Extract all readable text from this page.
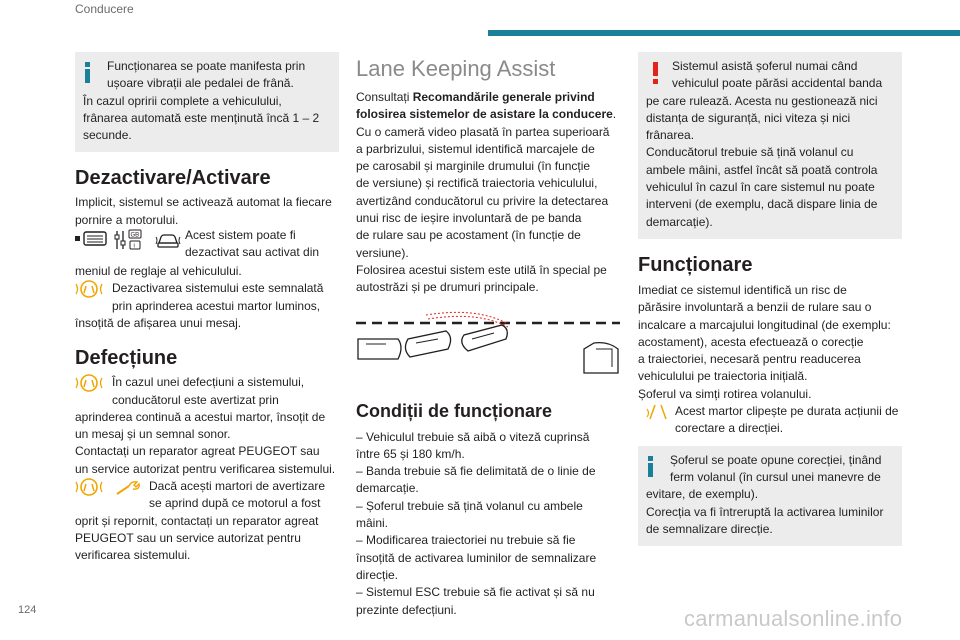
Conducere

Funcționarea se poate manifesta prin

ușoare vibrații ale pedalei de frână.

În cazul opririi complete a vehiculului,

frânarea automată este menținută încă 1 – 2

secunde.

Dezactivare/Activare

Implicit, sistemul se activează automat la fiecare

pornire a motorului.

GB
i

Acest sistem poate fi

dezactivat sau activat din

meniul de reglaje al vehiculului.

Dezactivarea sistemului este semnalată

prin aprinderea acestui martor luminos,

însoțită de afișarea unui mesaj.

Defecțiune

În cazul unei defecțiuni a sistemului,

conducătorul este avertizat prin

aprinderea continuă a acestui martor, însoțit de

un mesaj și un semnal sonor.

Contactați un reparator agreat PEUGEOT sau

un service autorizat pentru verificarea sistemului.

Dacă acești martori de avertizare

se aprind după ce motorul a fost

oprit și repornit, contactați un reparator agreat

PEUGEOT sau un service autorizat pentru

verificarea sistemului.

Lane Keeping Assist

Consultați Recomandările generale privind

folosirea sistemelor de asistare la conducere.

Cu o cameră video plasată în partea superioară

a parbrizului, sistemul identifică marcajele de

pe carosabil și marginile drumului (în funcție

de versiune) și rectifică traiectoria vehiculului,

avertizând conducătorul cu privire la detectarea

unui risc de ieșire involuntară de pe banda

de rulare sau pe acostament (în funcție de

versiune).

Folosirea acestui sistem este utilă în special pe

autostrăzi și pe drumuri principale.

Condiții de funcționare

– Vehiculul trebuie să aibă o viteză cuprinsă

între 65 și 180 km/h.

– Banda trebuie să fie delimitată de o linie de

demarcație.

– Șoferul trebuie să țină volanul cu ambele

mâini.

– Modificarea traiectoriei nu trebuie să fie

însoțită de activarea luminilor de semnalizare

direcție.

– Sistemul ESC trebuie să fie activat și să nu

prezinte defecțiuni.

Sistemul asistă șoferul numai când

vehiculul poate părăsi accidental banda

pe care rulează. Acesta nu gestionează nici

distanța de siguranță, nici viteza și nici

frânarea.

Conducătorul trebuie să țină volanul cu

ambele mâini, astfel încât să poată controla

vehiculul în cazul în care sistemul nu poate

interveni (de exemplu, dacă dispare linia de

demarcație).

Funcționare

Imediat ce sistemul identifică un risc de

părăsire involuntară a benzii de rulare sau o

incalcare a marcajului longitudinal (de exemplu:

acostament), acesta efectuează o corecție

a traiectoriei, necesară pentru readucerea

vehiculului pe traiectoria inițială.

Șoferul va simți rotirea volanului.

Acest martor clipește pe durata acțiunii de

corectare a direcției.

Șoferul se poate opune corecției, ținând

ferm volanul (în cursul unei manevre de

evitare, de exemplu).

Corecția va fi întreruptă la activarea luminilor

de semnalizare direcție.

124	carmanualsonline.info
